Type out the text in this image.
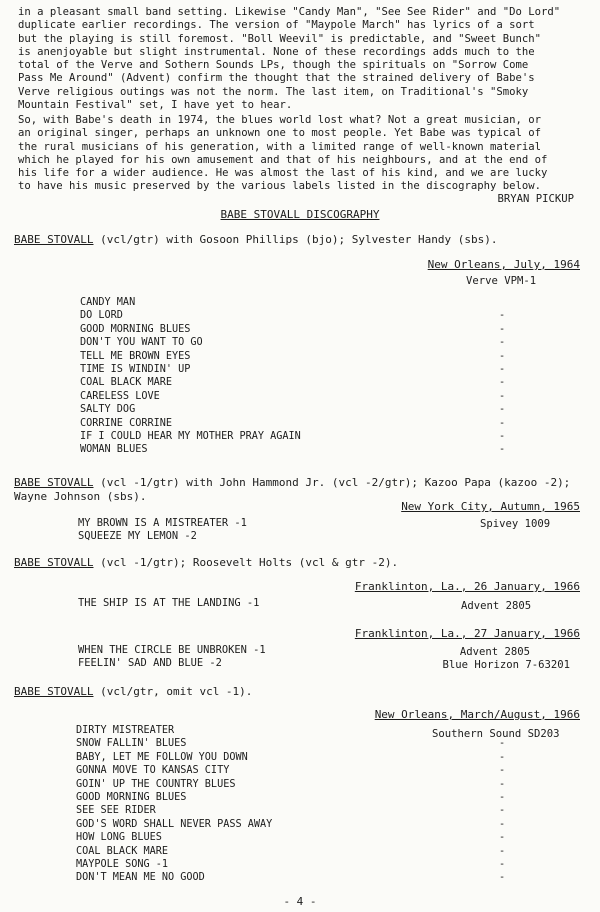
in a pleasant small band setting. Likewise "Candy Man", "See See Rider" and "Do Lord"
duplicate earlier recordings. The version of "Maypole March" has lyrics of a sort
but the playing is still foremost. "Boll Weevil" is predictable, and "Sweet Bunch"
is anenjoyable but slight instrumental. None of these recordings adds much to the
total of the Verve and Sothern Sounds LPs, though the spirituals on "Sorrow Come
Pass Me Around" (Advent) confirm the thought that the strained delivery of Babe's
Verve religious outings was not the norm. The last item, on Traditional's "Smoky
Mountain Festival" set, I have yet to hear.
So, with Babe's death in 1974, the blues world lost what? Not a great musician, or
an original singer, perhaps an unknown one to most people. Yet Babe was typical of
the rural musicians of his generation, with a limited range of well-known material
which he played for his own amusement and that of his neighbours, and at the end of
his life for a wider audience. He was almost the last of his kind, and we are lucky
to have his music preserved by the various labels listed in the discography below.
BRYAN PICKUP
BABE STOVALL DISCOGRAPHY
BABE STOVALL (vcl/gtr) with Gosoon Phillips (bjo); Sylvester Handy (sbs).
New Orleans, July, 1964
Verve VPM-1
CANDY MAN
DO LORD
GOOD MORNING BLUES
DON'T YOU WANT TO GO
TELL ME BROWN EYES
TIME IS WINDIN' UP
COAL BLACK MARE
CARELESS LOVE
SALTY DOG
CORRINE CORRINE
IF I COULD HEAR MY MOTHER PRAY AGAIN
WOMAN BLUES
-
-
-
-
-
-
-
-
-
-
-
BABE STOVALL (vcl -1/gtr) with John Hammond Jr. (vcl -2/gtr); Kazoo Papa (kazoo -2);
Wayne Johnson (sbs).
New York City, Autumn, 1965
MY BROWN IS A MISTREATER -1
SQUEEZE MY LEMON -2
Spivey 1009
BABE STOVALL (vcl -1/gtr); Roosevelt Holts (vcl & gtr -2).
Franklinton, La., 26 January, 1966
THE SHIP IS AT THE LANDING -1	Advent 2805
Franklinton, La., 27 January, 1966
WHEN THE CIRCLE BE UNBROKEN -1
FEELIN' SAD AND BLUE -2
Advent 2805
Blue Horizon 7-63201
BABE STOVALL (vcl/gtr, omit vcl -1).
New Orleans, March/August, 1966
Southern Sound SD203
DIRTY MISTREATER
SNOW FALLIN' BLUES
BABY, LET ME FOLLOW YOU DOWN
GONNA MOVE TO KANSAS CITY
GOIN' UP THE COUNTRY BLUES
GOOD MORNING BLUES
SEE SEE RIDER
GOD'S WORD SHALL NEVER PASS AWAY
HOW LONG BLUES
COAL BLACK MARE
MAYPOLE SONG -1
DON'T MEAN ME NO GOOD
-
-
-
-
-
-
-
-
-
-
-
- 4 -
